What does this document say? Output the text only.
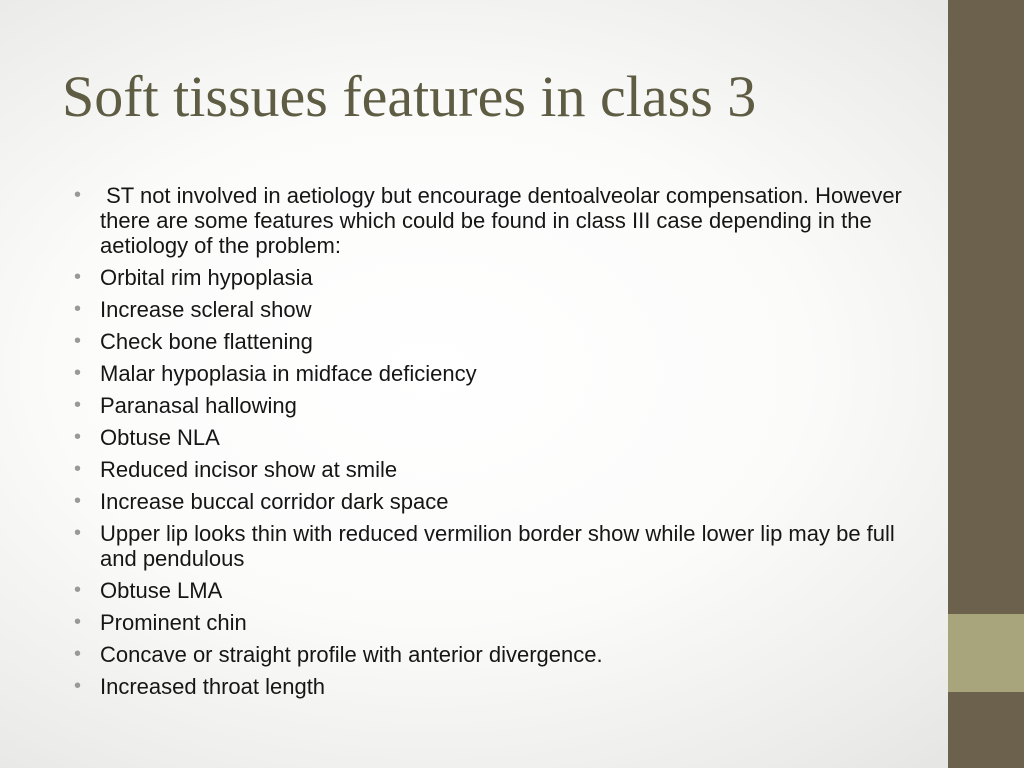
Soft tissues features in class 3
• ST not involved in aetiology but encourage dentoalveolar compensation. However there are some features which could be found in class III case depending in the aetiology of the problem:
• Orbital rim hypoplasia
• Increase scleral show
• Check bone flattening
• Malar hypoplasia in midface deficiency
• Paranasal hallowing
• Obtuse NLA
• Reduced incisor show at smile
• Increase buccal corridor dark space
• Upper lip looks thin with reduced vermilion border show while lower lip may be full and pendulous
• Obtuse LMA
• Prominent chin
• Concave or straight profile with anterior divergence.
• Increased throat length
